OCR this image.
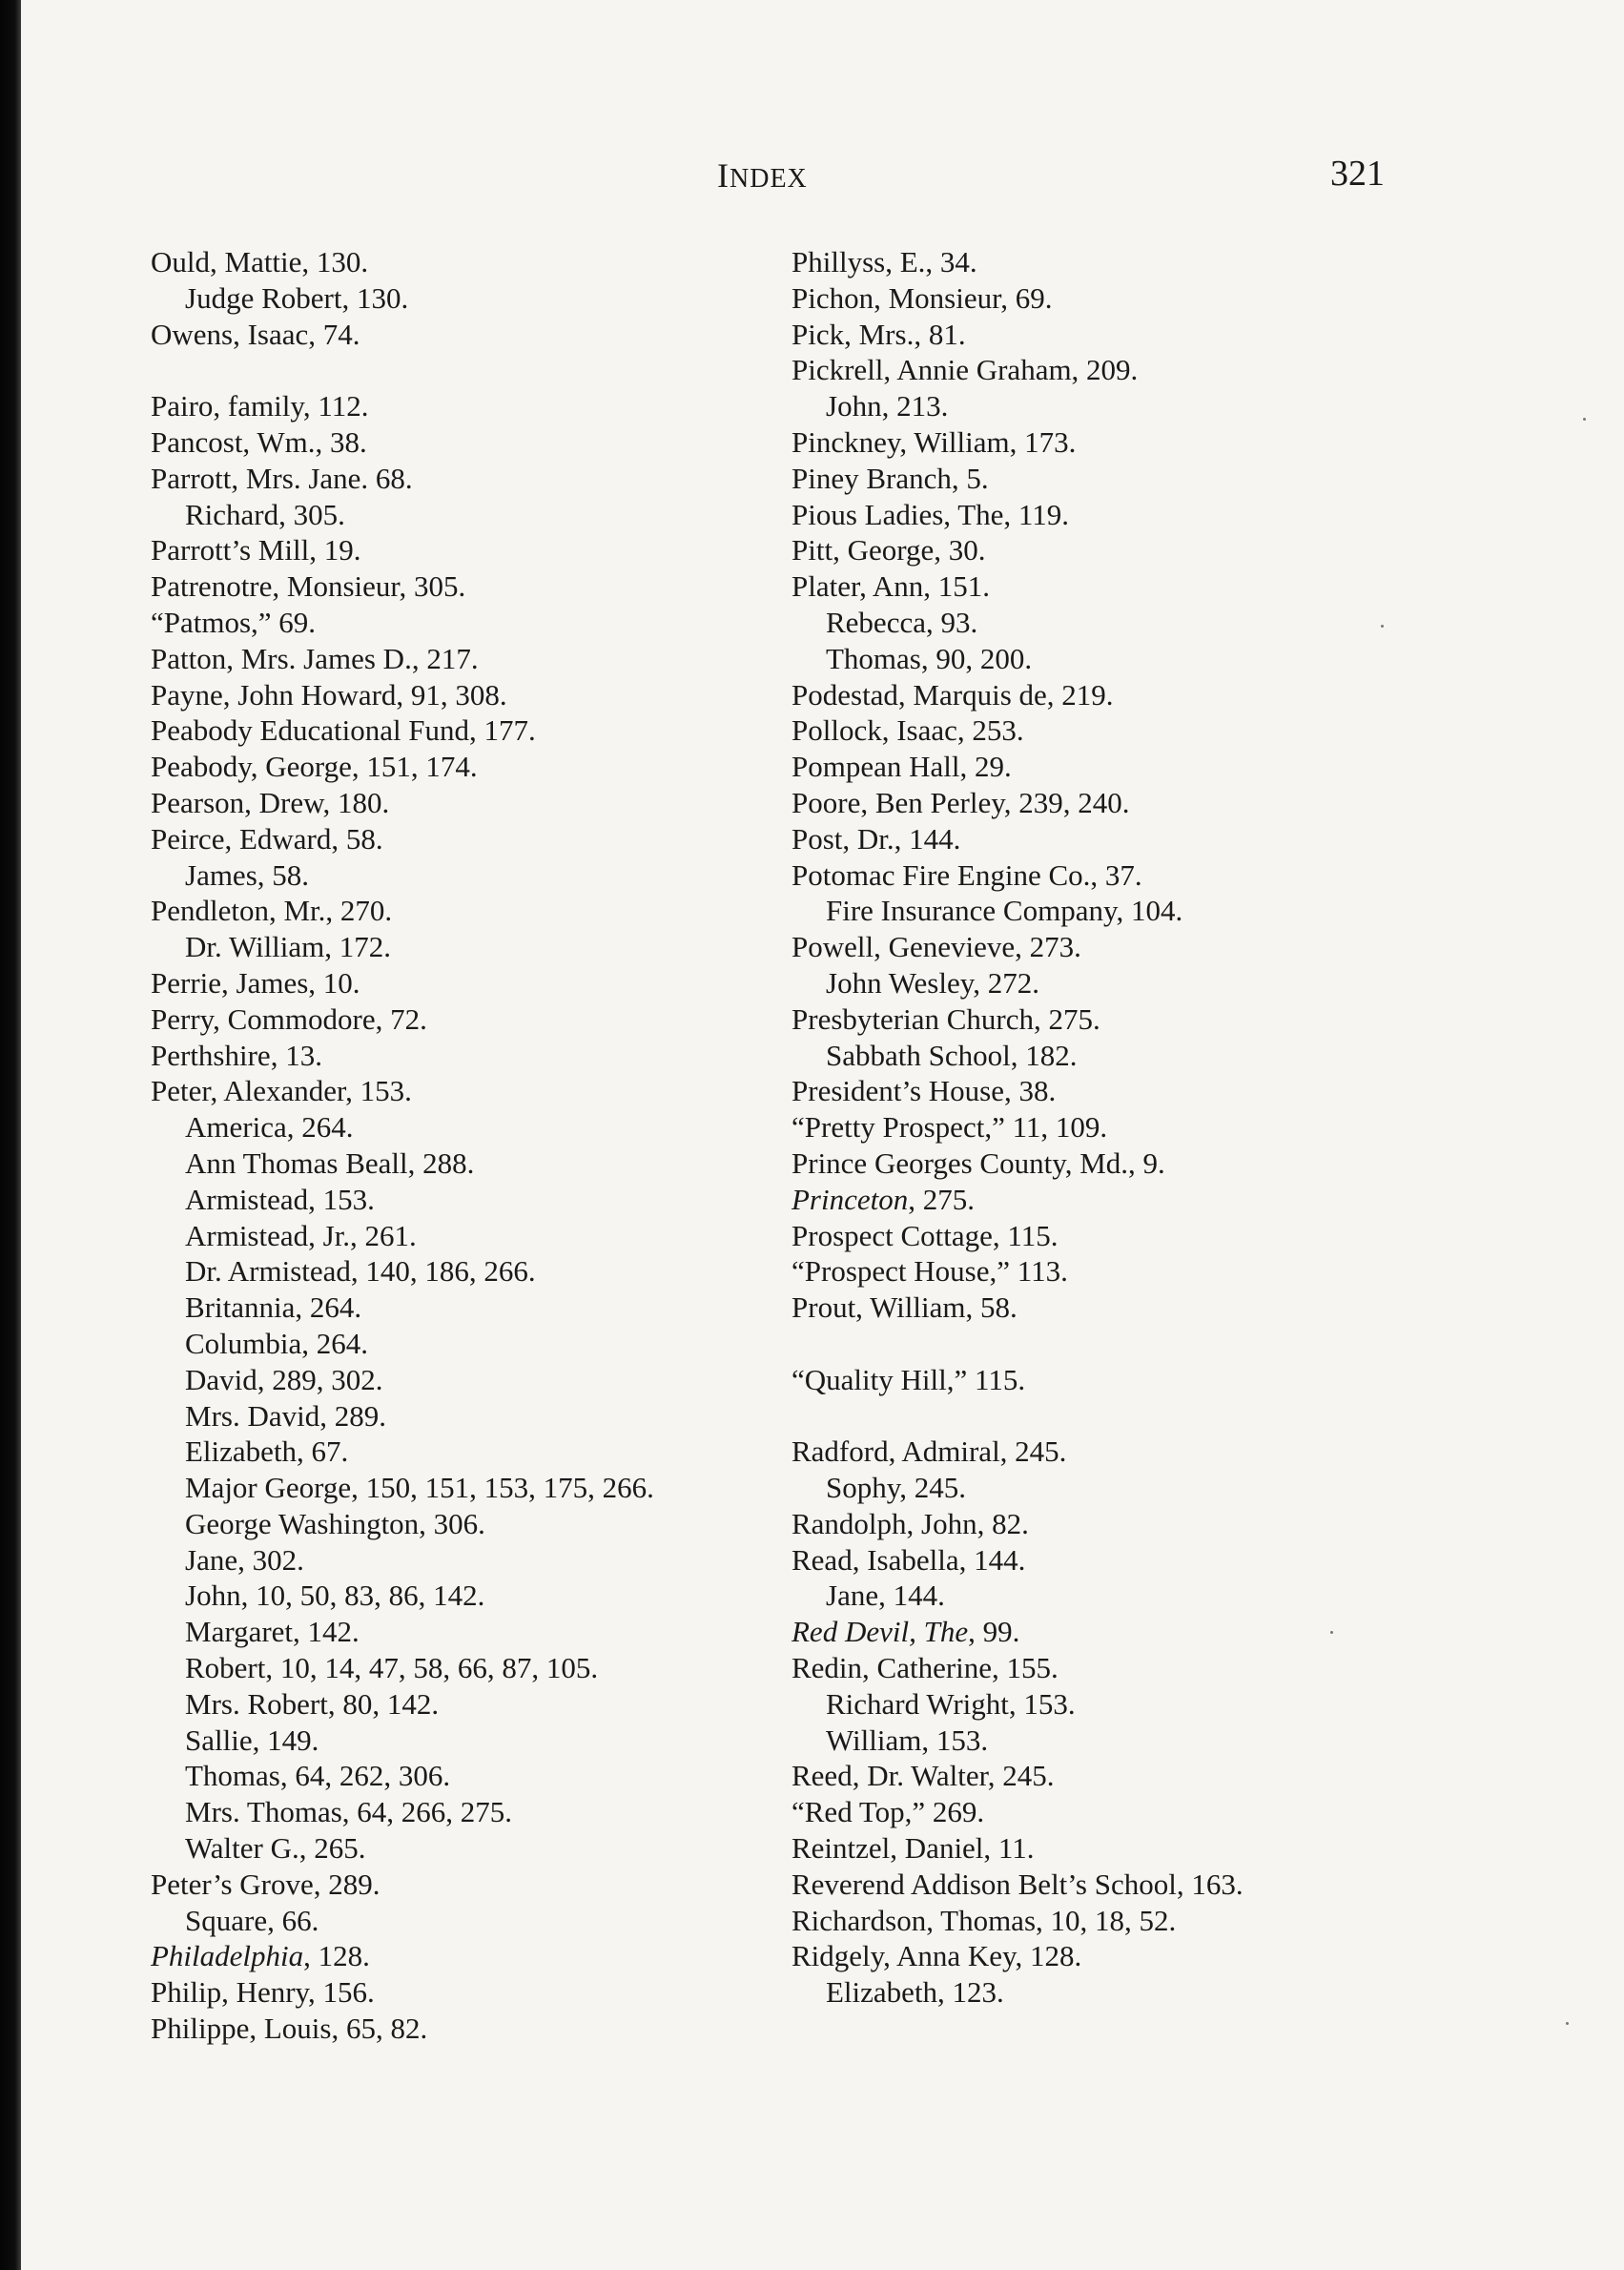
INDEX	321
Ould, Mattie, 130.
Judge Robert, 130.
Owens, Isaac, 74.
Pairo, family, 112.
Pancost, Wm., 38.
Parrott, Mrs. Jane. 68.
Richard, 305.
Parrott’s Mill, 19.
Patrenotre, Monsieur, 305.
“Patmos,” 69.
Patton, Mrs. James D., 217.
Payne, John Howard, 91, 308.
Peabody Educational Fund, 177.
Peabody, George, 151, 174.
Pearson, Drew, 180.
Peirce, Edward, 58.
James, 58.
Pendleton, Mr., 270.
Dr. William, 172.
Perrie, James, 10.
Perry, Commodore, 72.
Perthshire, 13.
Peter, Alexander, 153.
America, 264.
Ann Thomas Beall, 288.
Armistead, 153.
Armistead, Jr., 261.
Dr. Armistead, 140, 186, 266.
Britannia, 264.
Columbia, 264.
David, 289, 302.
Mrs. David, 289.
Elizabeth, 67.
Major George, 150, 151, 153, 175, 266.
George Washington, 306.
Jane, 302.
John, 10, 50, 83, 86, 142.
Margaret, 142.
Robert, 10, 14, 47, 58, 66, 87, 105.
Mrs. Robert, 80, 142.
Sallie, 149.
Thomas, 64, 262, 306.
Mrs. Thomas, 64, 266, 275.
Walter G., 265.
Peter’s Grove, 289.
Square, 66.
Philadelphia, 128.
Philip, Henry, 156.
Philippe, Louis, 65, 82.
Phillyss, E., 34.
Pichon, Monsieur, 69.
Pick, Mrs., 81.
Pickrell, Annie Graham, 209.
John, 213.
Pinckney, William, 173.
Piney Branch, 5.
Pious Ladies, The, 119.
Pitt, George, 30.
Plater, Ann, 151.
Rebecca, 93.
Thomas, 90, 200.
Podestad, Marquis de, 219.
Pollock, Isaac, 253.
Pompean Hall, 29.
Poore, Ben Perley, 239, 240.
Post, Dr., 144.
Potomac Fire Engine Co., 37.
Fire Insurance Company, 104.
Powell, Genevieve, 273.
John Wesley, 272.
Presbyterian Church, 275.
Sabbath School, 182.
President’s House, 38.
“Pretty Prospect,” 11, 109.
Prince Georges County, Md., 9.
Princeton, 275.
Prospect Cottage, 115.
“Prospect House,” 113.
Prout, William, 58.
“Quality Hill,” 115.
Radford, Admiral, 245.
Sophy, 245.
Randolph, John, 82.
Read, Isabella, 144.
Jane, 144.
Red Devil, The, 99.
Redin, Catherine, 155.
Richard Wright, 153.
William, 153.
Reed, Dr. Walter, 245.
“Red Top,” 269.
Reintzel, Daniel, 11.
Reverend Addison Belt’s School, 163.
Richardson, Thomas, 10, 18, 52.
Ridgely, Anna Key, 128.
Elizabeth, 123.
